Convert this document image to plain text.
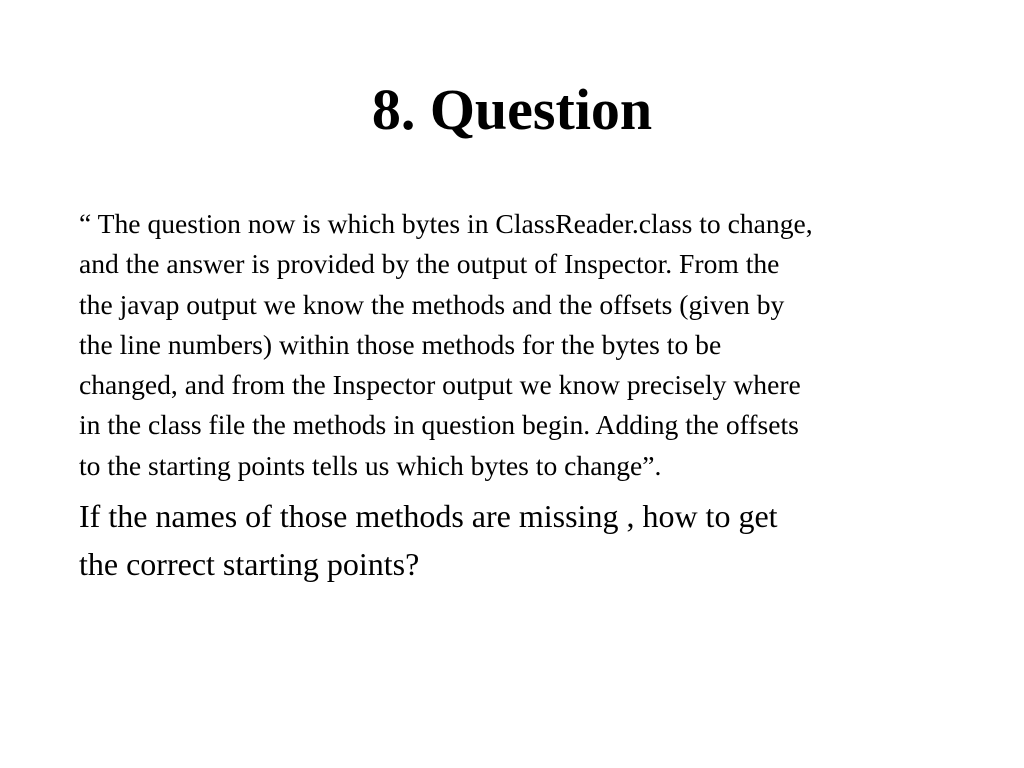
8. Question

“ The question now is which bytes in ClassReader.class to change,
and the answer is provided by the output of Inspector. From the
the javap output we know the methods and the offsets (given by
the line numbers) within those methods for the bytes to be
changed, and from the Inspector output we know precisely where
in the class file the methods in question begin. Adding the offsets
to the starting points tells us which bytes to change”.

If the names of those methods are missing , how to get
the correct starting points?
